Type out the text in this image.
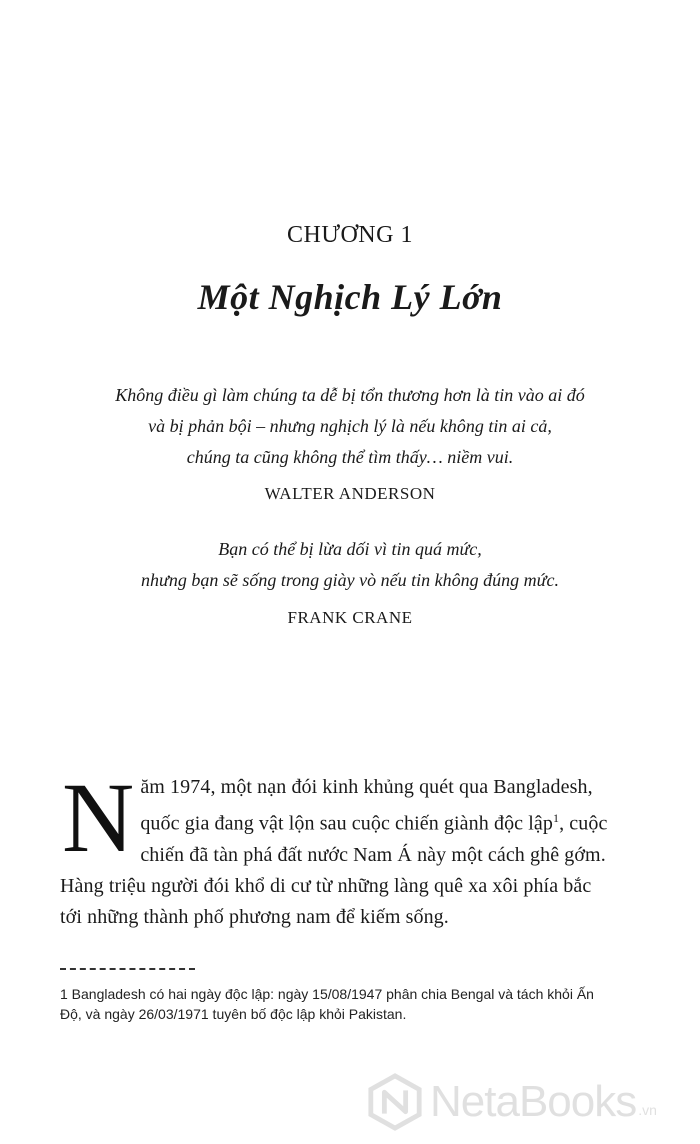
CHƯƠNG 1
Một Nghịch Lý Lớn
Không điều gì làm chúng ta dễ bị tổn thương hơn là tin vào ai đó
và bị phản bội – nhưng nghịch lý là nếu không tin ai cả,
chúng ta cũng không thể tìm thấy… niềm vui.
WALTER ANDERSON
Bạn có thể bị lừa dối vì tin quá mức,
nhưng bạn sẽ sống trong giày vò nếu tin không đúng mức.
FRANK CRANE
N ăm 1974, một nạn đói kinh khủng quét qua Bangladesh,
quốc gia đang vật lộn sau cuộc chiến giành độc lập$^1$, cuộc
chiến đã tàn phá đất nước Nam Á này một cách ghê gớm.
Hàng triệu người đói khổ di cư từ những làng quê xa xôi phía bắc
tới những thành phố phương nam để kiếm sống.
1 Bangladesh có hai ngày độc lập: ngày 15/08/1947 phân chia Bengal và tách khỏi Ấn
Độ, và ngày 26/03/1971 tuyên bố độc lập khỏi Pakistan.
NetaBooks .vn
